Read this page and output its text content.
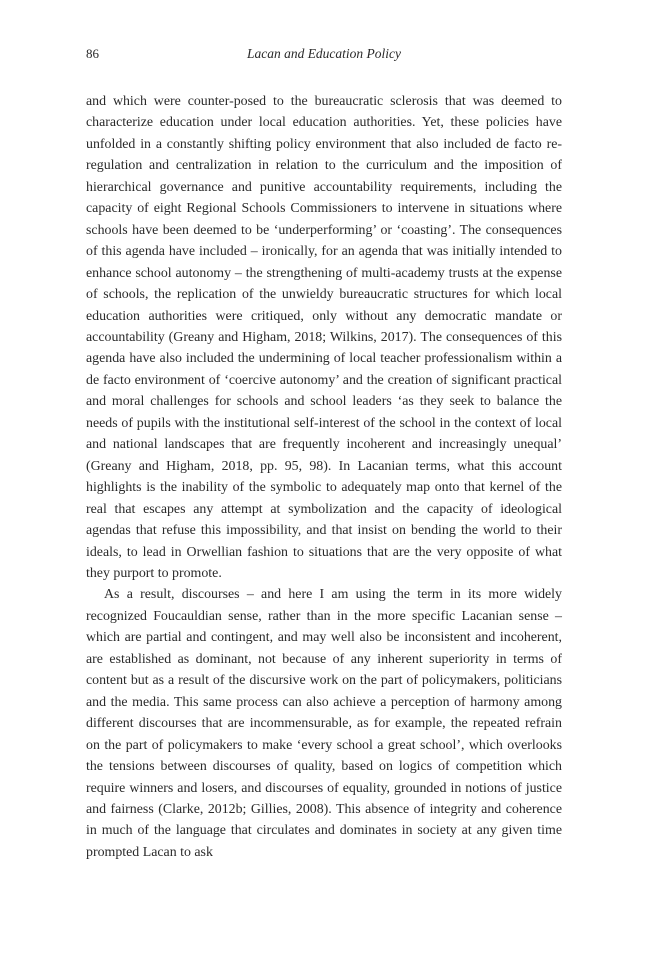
86	Lacan and Education Policy

and which were counter-posed to the bureaucratic sclerosis that was deemed to characterize education under local education authorities. Yet, these policies have unfolded in a constantly shifting policy environment that also included de facto re-regulation and centralization in relation to the curriculum and the imposition of hierarchical governance and punitive accountability requirements, including the capacity of eight Regional Schools Commissioners to intervene in situations where schools have been deemed to be ‘underperforming’ or ‘coasting’. The consequences of this agenda have included – ironically, for an agenda that was initially intended to enhance school autonomy – the strengthening of multi-academy trusts at the expense of schools, the replication of the unwieldy bureaucratic structures for which local education authorities were critiqued, only without any democratic mandate or accountability (Greany and Higham, 2018; Wilkins, 2017). The consequences of this agenda have also included the undermining of local teacher professionalism within a de facto environment of ‘coercive autonomy’ and the creation of significant practical and moral challenges for schools and school leaders ‘as they seek to balance the needs of pupils with the institutional self-interest of the school in the context of local and national landscapes that are frequently incoherent and increasingly unequal’ (Greany and Higham, 2018, pp. 95, 98). In Lacanian terms, what this account highlights is the inability of the symbolic to adequately map onto that kernel of the real that escapes any attempt at symbolization and the capacity of ideological agendas that refuse this impossibility, and that insist on bending the world to their ideals, to lead in Orwellian fashion to situations that are the very opposite of what they purport to promote.

As a result, discourses – and here I am using the term in its more widely recognized Foucauldian sense, rather than in the more specific Lacanian sense – which are partial and contingent, and may well also be inconsistent and incoherent, are established as dominant, not because of any inherent superiority in terms of content but as a result of the discursive work on the part of policymakers, politicians and the media. This same process can also achieve a perception of harmony among different discourses that are incommensurable, as for example, the repeated refrain on the part of policymakers to make ‘every school a great school’, which overlooks the tensions between discourses of quality, based on logics of competition which require winners and losers, and discourses of equality, grounded in notions of justice and fairness (Clarke, 2012b; Gillies, 2008). This absence of integrity and coherence in much of the language that circulates and dominates in society at any given time prompted Lacan to ask
